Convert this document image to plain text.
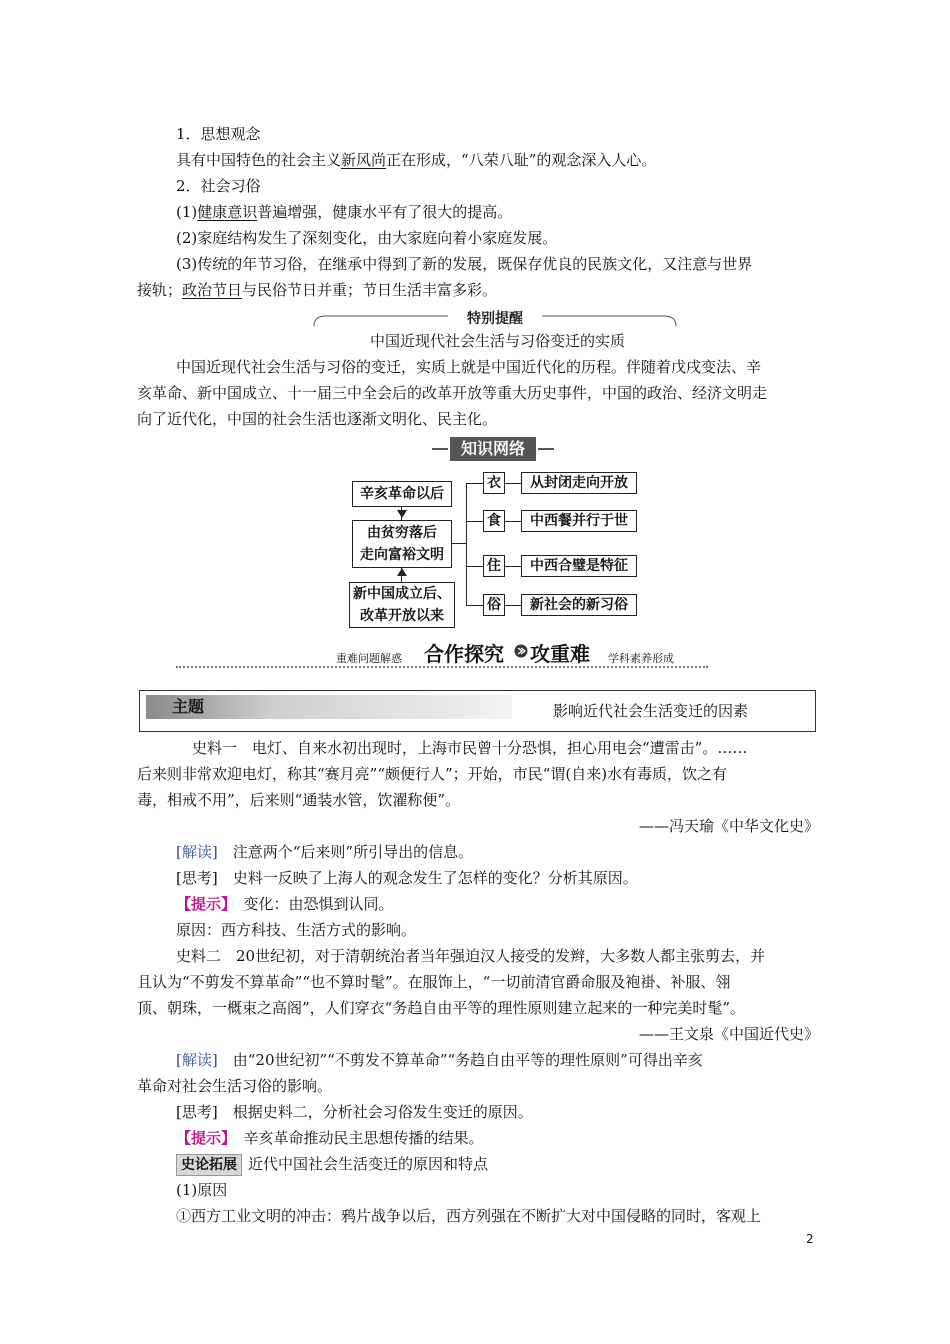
1．思想观念
具有中国特色的社会主义新风尚正在形成，“八荣八耻”的观念深入人心。
2．社会习俗
(1)健康意识普遍增强，健康水平有了很大的提高。
(2)家庭结构发生了深刻变化，由大家庭向着小家庭发展。
(3)传统的年节习俗，在继承中得到了新的发展，既保存优良的民族文化，又注意与世界
接轨；政治节日与民俗节日并重；节日生活丰富多彩。
特别提醒
中国近现代社会生活与习俗变迁的实质
中国近现代社会生活与习俗的变迁，实质上就是中国近代化的历程。伴随着戊戌变法、辛
亥革命、新中国成立、十一届三中全会后的改革开放等重大历史事件，中国的政治、经济文明走
向了近代化，中国的社会生活也逐渐文明化、民主化。
知识网络
辛亥革命以后
由贫穷落后
走向富裕文明
新中国成立后、
改革开放以来
衣
食
住
俗
从封闭走向开放
中西餐并行于世
中西合璧是特征
新社会的新习俗
重难问题解惑 合作探究 攻重难 学科素养形成
主题	影响近代社会生活变迁的因素
史料一　电灯、自来水初出现时，上海市民曾十分恐惧，担心用电会“遭雷击”。……
后来则非常欢迎电灯，称其“赛月亮”“颇便行人”；开始，市民“谓(自来)水有毒质，饮之有
毒，相戒不用”，后来则“通装水管，饮濯称便”。
——冯天瑜《中华文化史》
[解读]　 注意两个“后来则”所引导出的信息。
[思考]　 史料一反映了上海人的观念发生了怎样的变化？分析其原因。
【提示】　 变化：由恐惧到认同。
原因：西方科技、生活方式的影响。
史料二　20世纪初，对于清朝统治者当年强迫汉人接受的发辫，大多数人都主张剪去，并
且认为“不剪发不算革命”“也不算时髦”。在服饰上，“一切前清官爵命服及袍褂、补服、翎
顶、朝珠，一概束之高阁”，人们穿衣“务趋自由平等的理性原则建立起来的一种完美时髦”。
——王文泉《中国近代史》
[解读]　 由“20世纪初”“不剪发不算革命”“务趋自由平等的理性原则”可得出辛亥
革命对社会生活习俗的影响。
[思考]　 根据史料二，分析社会习俗发生变迁的原因。
【提示】　 辛亥革命推动民主思想传播的结果。
史论拓展 近代中国社会生活变迁的原因和特点
(1)原因
①西方工业文明的冲击：鸦片战争以后，西方列强在不断扩大对中国侵略的同时，客观上
2
